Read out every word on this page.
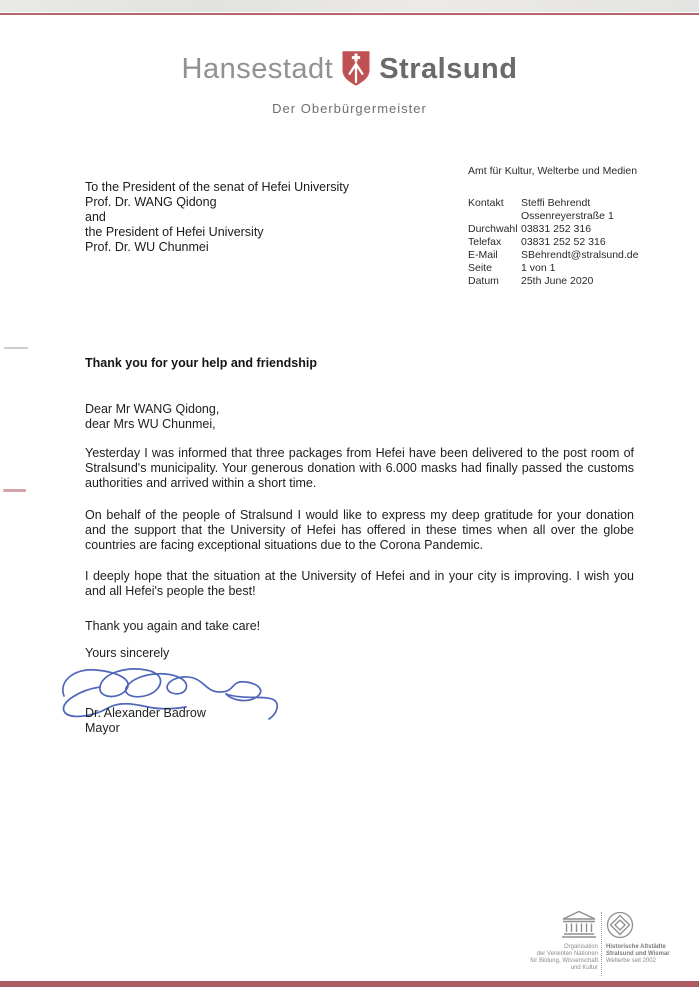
Hansestadt Stralsund
Der Oberbürgermeister
Amt für Kultur, Welterbe und Medien
Kontakt	Steffi Behrendt
Ossenreyerstraße 1
Durchwahl 03831 252 316
Telefax	03831 252 52 316
E-Mail	SBehrendt@stralsund.de
Seite	1 von 1
Datum	25th June 2020
To the President of the senat of Hefei University
Prof. Dr. WANG Qidong
and
the President of Hefei University
Prof. Dr. WU Chunmei
Thank you for your help and friendship
Dear Mr WANG Qidong,
dear Mrs WU Chunmei,
Yesterday I was informed that three packages from Hefei have been delivered to the post room of Stralsund's municipality. Your generous donation with 6.000 masks had finally passed the customs authorities and arrived within a short time.
On behalf of the people of Stralsund I would like to express my deep gratitude for your donation and the support that the University of Hefei has offered in these times when all over the globe countries are facing exceptional situations due to the Corona Pandemic.
I deeply hope that the situation at the University of Hefei and in your city is improving. I wish you and all Hefei's people the best!
Thank you again and take care!
Yours sincerely
Dr. Alexander Badrow
Mayor
Organisation
der Vereinten Nationen
für Bildung, Wissenschaft
und Kultur
Historische Altstädte
Stralsund und Wismar
Welterbe seit 2002
